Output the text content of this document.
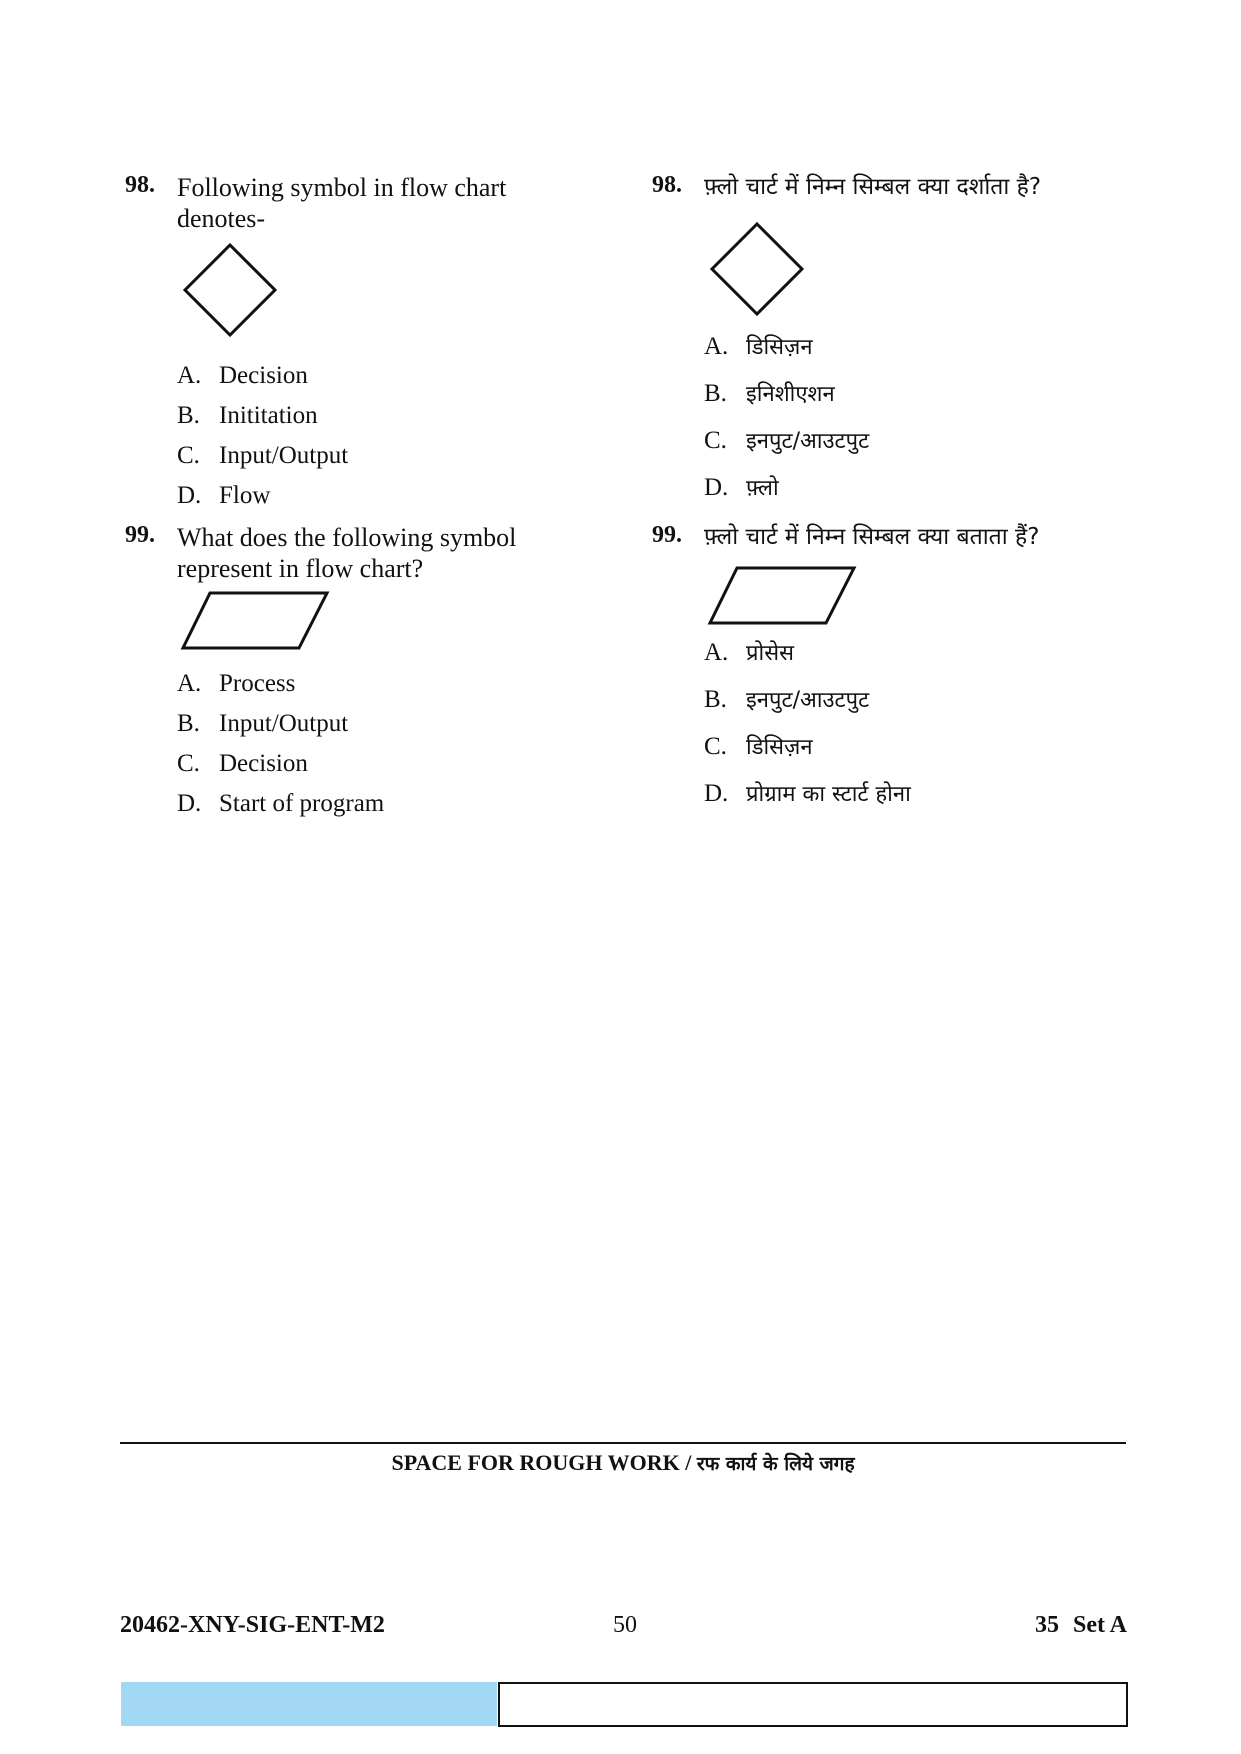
98. Following symbol in flow chart denotes-
A. Decision
B. Inititation
C. Input/Output
D. Flow
98. फ़्लो चार्ट में निम्न सिम्बल क्या दर्शाता है?
A. डिसिज़न
B. इनिशीएशन
C. इनपुट/आउटपुट
D. फ़्लो
99. What does the following symbol represent in flow chart?
A. Process
B. Input/Output
C. Decision
D. Start of program
99. फ़्लो चार्ट में निम्न सिम्बल क्या बताता हैं?
A. प्रोसेस
B. इनपुट/आउटपुट
C. डिसिज़न
D. प्रोग्राम का स्टार्ट होना
SPACE FOR ROUGH WORK / रफ कार्य के लिये जगह
20462-XNY-SIG-ENT-M2	50	35 Set A
